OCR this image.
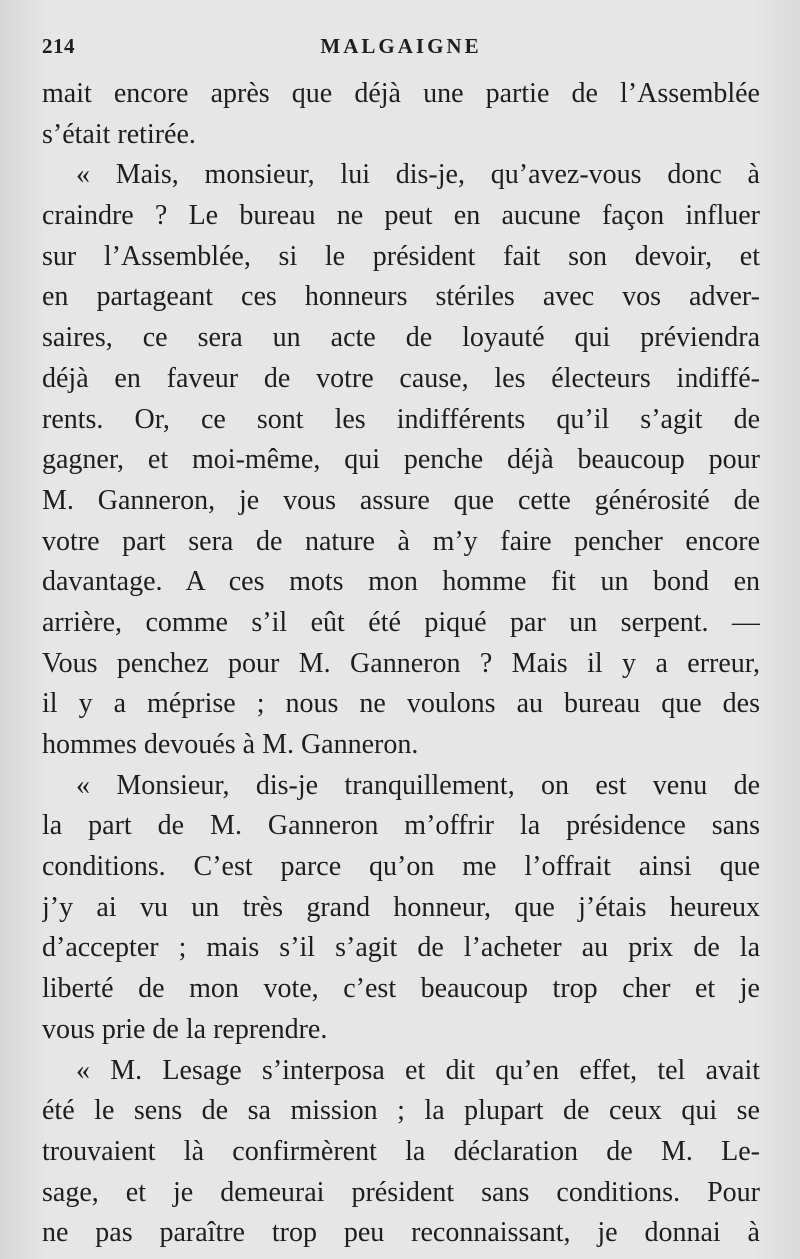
214	MALGAIGNE
mait encore après que déjà une partie de l’Assemblée
s’était retirée.
« Mais, monsieur, lui dis-je, qu’avez-vous donc à
craindre ? Le bureau ne peut en aucune façon influer
sur l’Assemblée, si le président fait son devoir, et
en partageant ces honneurs stériles avec vos adver-
saires, ce sera un acte de loyauté qui préviendra
déjà en faveur de votre cause, les électeurs indiffé-
rents. Or, ce sont les indifférents qu’il s’agit de
gagner, et moi-même, qui penche déjà beaucoup pour
M. Ganneron, je vous assure que cette générosité de
votre part sera de nature à m’y faire pencher encore
davantage. A ces mots mon homme fit un bond en
arrière, comme s’il eût été piqué par un serpent. —
Vous penchez pour M. Ganneron ? Mais il y a erreur,
il y a méprise ; nous ne voulons au bureau que des
hommes devoués à M. Ganneron.
« Monsieur, dis-je tranquillement, on est venu de
la part de M. Ganneron m’offrir la présidence sans
conditions. C’est parce qu’on me l’offrait ainsi que
j’y ai vu un très grand honneur, que j’étais heureux
d’accepter ; mais s’il s’agit de l’acheter au prix de la
liberté de mon vote, c’est beaucoup trop cher et je
vous prie de la reprendre.
« M. Lesage s’interposa et dit qu’en effet, tel avait
été le sens de sa mission ; la plupart de ceux qui se
trouvaient là confirmèrent la déclaration de M. Le-
sage, et je demeurai président sans conditions. Pour
ne pas paraître trop peu reconnaissant, je donnai à
